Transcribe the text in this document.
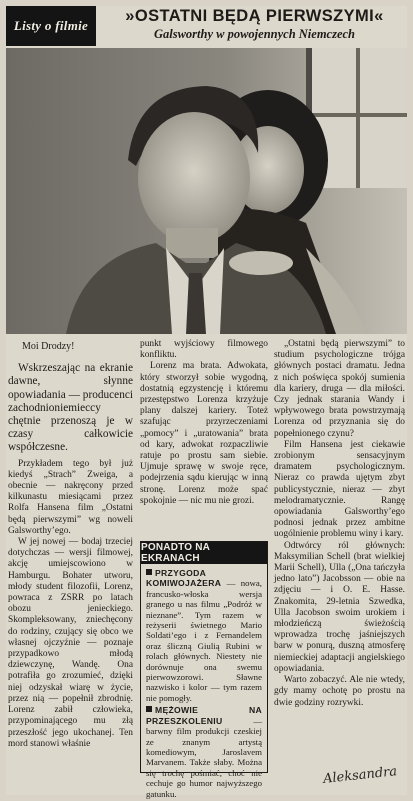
Listy o filmie
»OSTATNI BĘDĄ PIERWSZYMI«
Galsworthy w powojennych Niemczech

Moi Drodzy!

Wskrzeszając na ekranie dawne, słynne opowiadania — producenci zachodnioniemieccy chętnie przenoszą je w czasy całkowicie współczesne.

Przykładem tego był już kiedyś „Strach” Zweiga, a obecnie — nakręcony przed kilkunastu miesiącami przez Rolfa Hansena film „Ostatni będą pierwszymi” wg noweli Galsworthy’ego.

W jej nowej — bodaj trzeciej dotychczas — wersji filmowej, akcję umiejscowiono w Hamburgu. Bohater utworu, młody student filozofii, Lorenz, powraca z ZSRR po latach obozu jenieckiego. Skompleksowany, zniechęcony do rodziny, czujący się obco we własnej ojczyźnie — poznaje przypadkowo młodą dziewczynę, Wandę. Ona potrafiła go zrozumieć, dzięki niej odzyskał wiarę w życie, przez nią — popełnił zbrodnię. Lorenz zabił człowieka, przypominającego mu złą przeszłość jego ukochanej. Ten mord stanowi właśnie

punkt wyjściowy filmowego konfliktu.

Lorenz ma brata. Adwokata, który stworzył sobie wygodną, dostatnią egzystencję i któremu przestępstwo Lorenza krzyżuje plany dalszej kariery. Toteż szafując przyrzeczeniami „pomocy” i „uratowania” brata od kary, adwokat rozpaczliwie ratuje po prostu sam siebie. Ujmuje sprawę w swoje ręce, podejrzenia sądu kierując w inną stronę. Lorenz może spać spokojnie — nic mu nie grozi.

PONADTO NA EKRANACH

PRZYGODA KOMIWOJAŻERA — nowa, francusko-włoska wersja granego u nas filmu „Podróż w nieznane”. Tym razem w reżyserii świetnego Mario Soldati’ego i z Fernandelem oraz śliczną Giulią Rubini w rolach głównych. Niestety nie dorównuje ona swemu pierwowzorowi. Sławne nazwisko i kolor — tym razem nie pomogły.

MĘŻOWIE NA PRZESZKOLENIU	— barwny film produkcji czeskiej ze znanym artystą komediowym, Jaroslavem Marvanem. Także słaby. Można się trochę pośmiać, choć nie cechuje go humor najwyższego gatunku.

„Ostatni będą pierwszymi” to studium psychologiczne trójga głównych postaci dramatu. Jedna z nich poświęca spokój sumienia dla kariery, druga — dla miłości. Czy jednak starania Wandy i wpływowego brata powstrzymają Lorenza od przyznania się do popełnionego czynu?

Film Hansena jest ciekawie zrobionym sensacyjnym dramatem psychologicznym. Nieraz co prawda ujętym zbyt publicystycznie, nieraz — zbyt melodramatycznie. Rangę opowiadania Galsworthy’ego podnosi jednak przez ambitne uogólnienie problemu winy i kary.

Odtwórcy ról głównych: Maksymilian Schell (brat wielkiej Marii Schell), Ulla („Ona tańczyła jedno lato”) Jacobsson — obie na zdjęciu — i O. E. Hasse. Znakomita, 29-letnia Szwedka, Ulla Jacobson swoim urokiem i młodzieńczą świeżością wprowadza trochę jaśniejszych barw w ponurą, duszną atmosferę niemieckiej adaptacji angielskiego opowiadania.

Warto zobaczyć. Ale nie wtedy, gdy mamy ochotę po prostu na dwie godziny rozrywki.

Aleksandra
